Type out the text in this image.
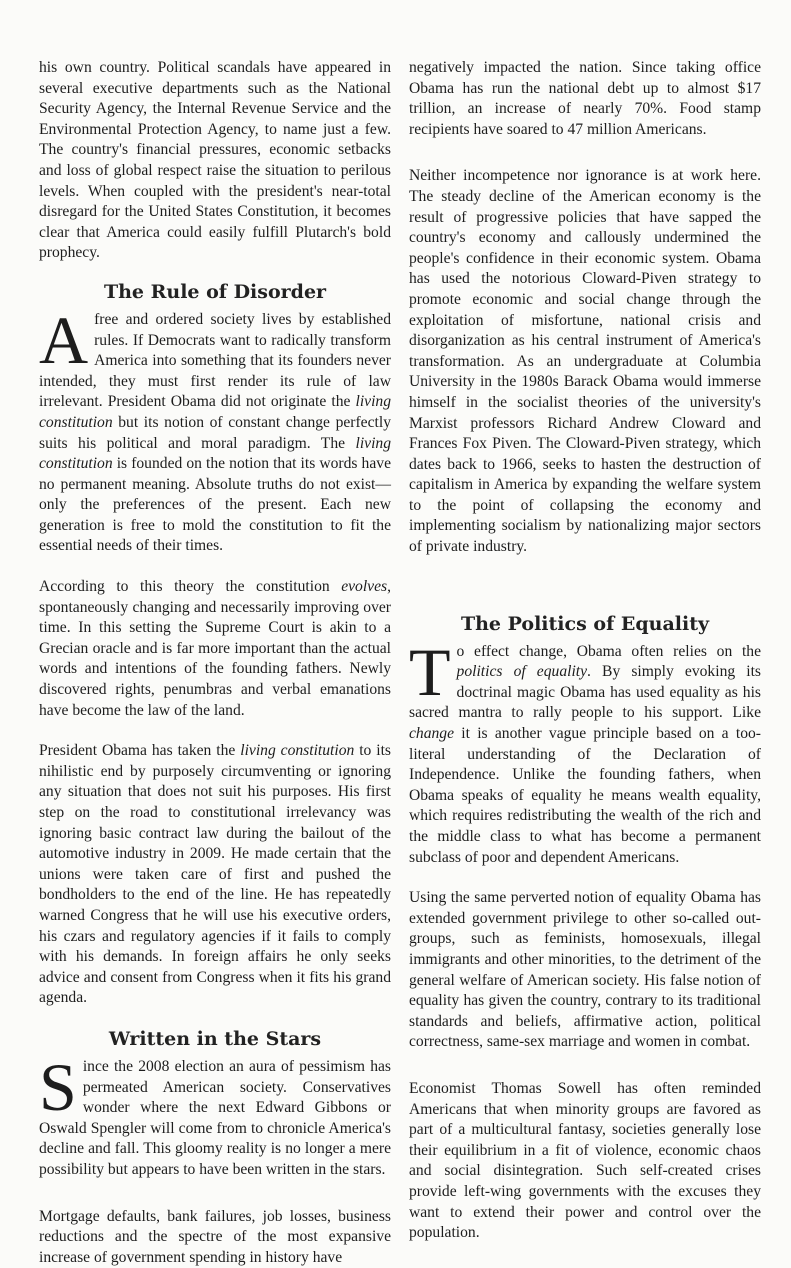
his own country. Political scandals have appeared in several executive departments such as the National Security Agency, the Internal Revenue Service and the Environmental Protection Agency, to name just a few. The country's financial pressures, economic setbacks and loss of global respect raise the situation to perilous levels. When coupled with the president's near-total disregard for the United States Constitution, it becomes clear that America could easily fulfill Plutarch's bold prophecy.

The Rule of Disorder

A free and ordered society lives by established rules. If Democrats want to radically transform America into something that its founders never intended, they must first render its rule of law irrelevant. President Obama did not originate the living constitution but its notion of constant change perfectly suits his political and moral paradigm. The living constitution is founded on the notion that its words have no permanent meaning. Absolute truths do not exist—only the preferences of the present. Each new generation is free to mold the constitution to fit the essential needs of their times.

According to this theory the constitution evolves, spontaneously changing and necessarily improving over time. In this setting the Supreme Court is akin to a Grecian oracle and is far more important than the actual words and intentions of the founding fathers. Newly discovered rights, penumbras and verbal emanations have become the law of the land.

President Obama has taken the living constitution to its nihilistic end by purposely circumventing or ignoring any situation that does not suit his purposes. His first step on the road to constitutional irrelevancy was ignoring basic contract law during the bailout of the automotive industry in 2009. He made certain that the unions were taken care of first and pushed the bondholders to the end of the line. He has repeatedly warned Congress that he will use his executive orders, his czars and regulatory agencies if it fails to comply with his demands. In foreign affairs he only seeks advice and consent from Congress when it fits his grand agenda.

Written in the Stars

Since the 2008 election an aura of pessimism has permeated American society. Conservatives wonder where the next Edward Gibbons or Oswald Spengler will come from to chronicle America's decline and fall. This gloomy reality is no longer a mere possibility but appears to have been written in the stars.

Mortgage defaults, bank failures, job losses, business reductions and the spectre of the most expansive increase of government spending in history have

negatively impacted the nation. Since taking office Obama has run the national debt up to almost $17 trillion, an increase of nearly 70%. Food stamp recipients have soared to 47 million Americans.

Neither incompetence nor ignorance is at work here. The steady decline of the American economy is the result of progressive policies that have sapped the country's economy and callously undermined the people's confidence in their economic system. Obama has used the notorious Cloward-Piven strategy to promote economic and social change through the exploitation of misfortune, national crisis and disorganization as his central instrument of America's transformation. As an undergraduate at Columbia University in the 1980s Barack Obama would immerse himself in the socialist theories of the university's Marxist professors Richard Andrew Cloward and Frances Fox Piven. The Cloward-Piven strategy, which dates back to 1966, seeks to hasten the destruction of capitalism in America by expanding the welfare system to the point of collapsing the economy and implementing socialism by nationalizing major sectors of private industry.

The Politics of Equality

To effect change, Obama often relies on the politics of equality. By simply evoking its doctrinal magic Obama has used equality as his sacred mantra to rally people to his support. Like change it is another vague principle based on a too-literal understanding of the Declaration of Independence. Unlike the founding fathers, when Obama speaks of equality he means wealth equality, which requires redistributing the wealth of the rich and the middle class to what has become a permanent subclass of poor and dependent Americans.

Using the same perverted notion of equality Obama has extended government privilege to other so-called out-groups, such as feminists, homosexuals, illegal immigrants and other minorities, to the detriment of the general welfare of American society. His false notion of equality has given the country, contrary to its traditional standards and beliefs, affirmative action, political correctness, same-sex marriage and women in combat.

Economist Thomas Sowell has often reminded Americans that when minority groups are favored as part of a multicultural fantasy, societies generally lose their equilibrium in a fit of violence, economic chaos and social disintegration. Such self-created crises provide left-wing governments with the excuses they want to extend their power and control over the population.
